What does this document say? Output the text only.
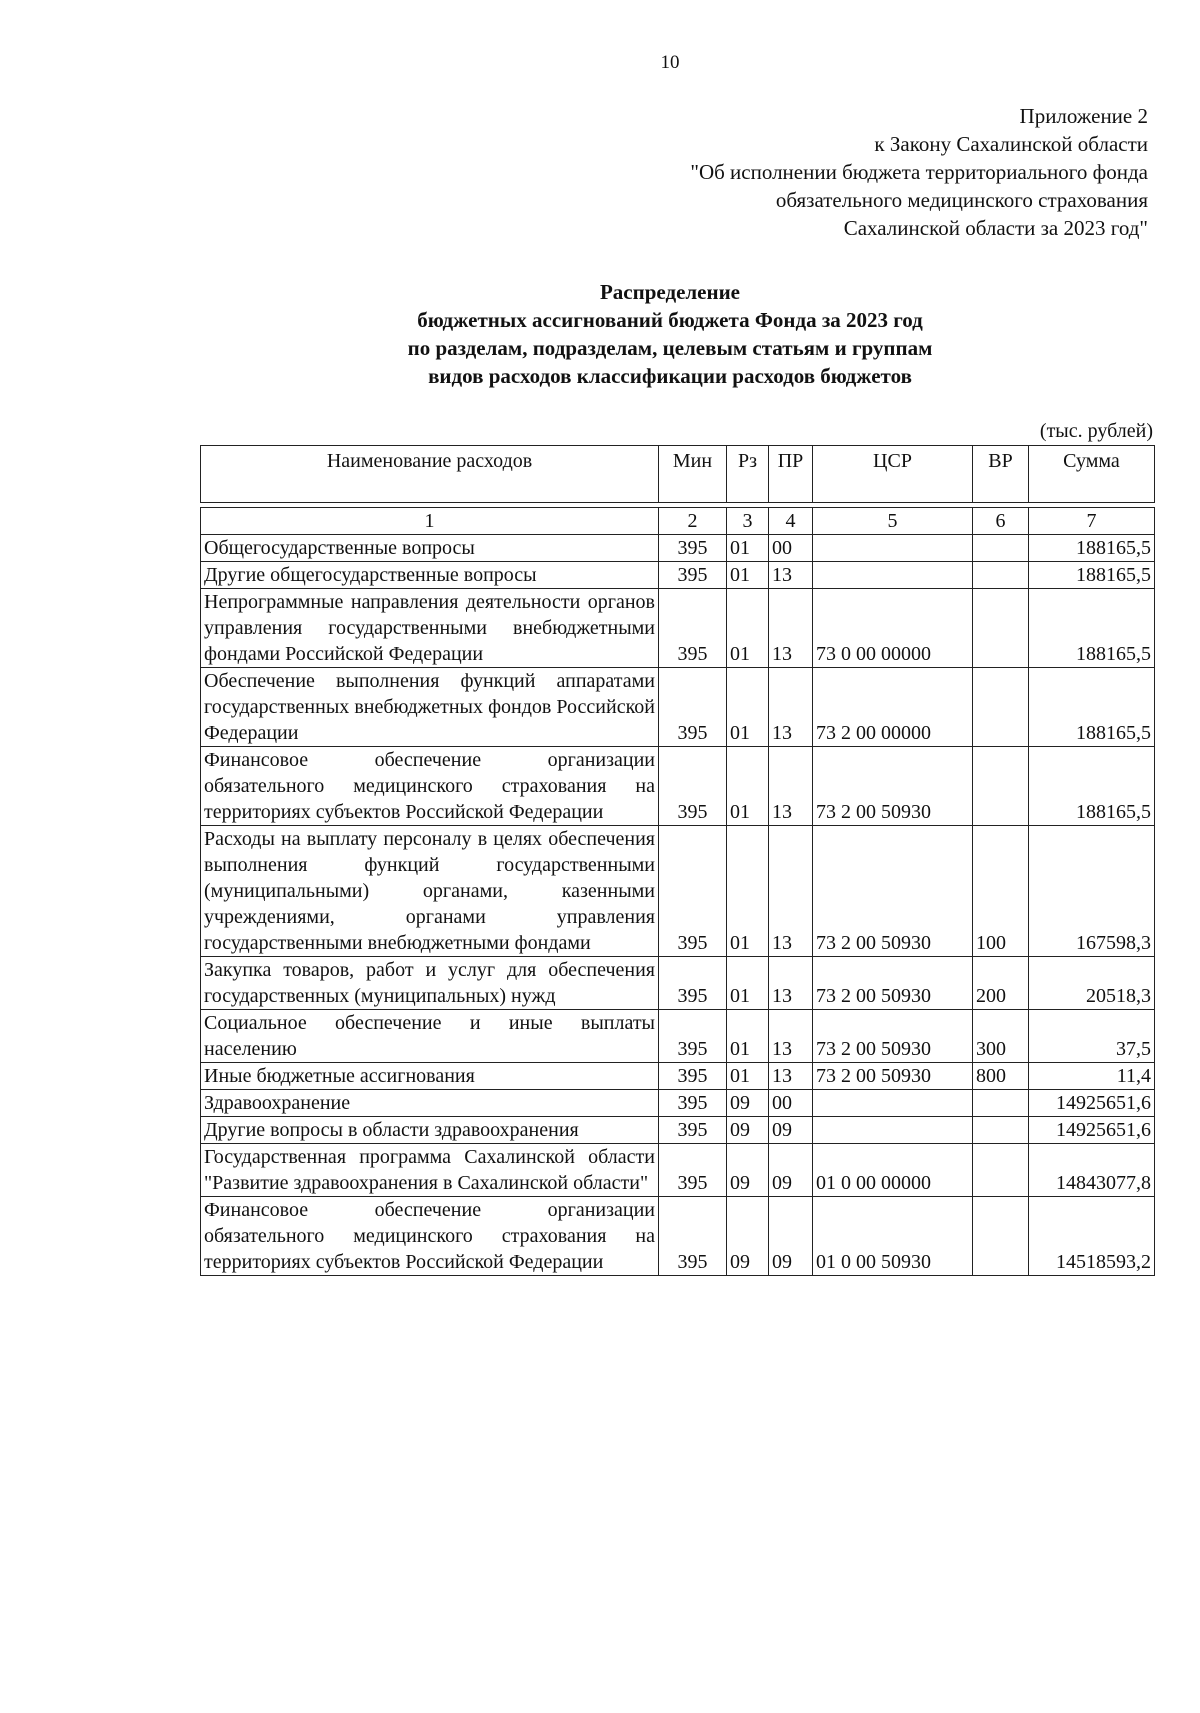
10
Приложение 2
к Закону Сахалинской области
"Об исполнении бюджета территориального фонда
обязательного медицинского страхования
Сахалинской области за 2023 год"
Распределение
бюджетных ассигнований бюджета Фонда за 2023 год
по разделам, подразделам, целевым статьям и группам
видов расходов классификации расходов бюджетов
(тыс. рублей)
Наименование расходов	Мин	Рз	ПР	ЦСР	ВР	Сумма

1	2	3	4	5	6	7
Общегосударственные вопросы	395	01	00			188165,5
Другие общегосударственные вопросы	395	01	13			188165,5
Непрограммные направления деятельности органов управления государственными внебюджетными фондами Российской Федерации	395	01	13	73 0 00 00000		188165,5
Обеспечение выполнения функций аппаратами государственных внебюджетных фондов Российской Федерации	395	01	13	73 2 00 00000		188165,5
Финансовое обеспечение организации обязательного медицинского страхования на территориях субъектов Российской Федерации	395	01	13	73 2 00 50930		188165,5
Расходы на выплату персоналу в целях обеспечения выполнения функций государственными (муниципальными) органами, казенными учреждениями, органами управления государственными внебюджетными фондами	395	01	13	73 2 00 50930	100	167598,3
Закупка товаров, работ и услуг для обеспечения государственных (муниципальных) нужд	395	01	13	73 2 00 50930	200	20518,3
Социальное обеспечение и иные выплаты населению	395	01	13	73 2 00 50930	300	37,5
Иные бюджетные ассигнования	395	01	13	73 2 00 50930	800	11,4
Здравоохранение	395	09	00			14925651,6
Другие вопросы в области здравоохранения	395	09	09			14925651,6
Государственная программа Сахалинской области "Развитие здравоохранения в Сахалинской области"	395	09	09	01 0 00 00000		14843077,8
Финансовое обеспечение организации обязательного медицинского страхования на территориях субъектов Российской Федерации	395	09	09	01 0 00 50930		14518593,2
